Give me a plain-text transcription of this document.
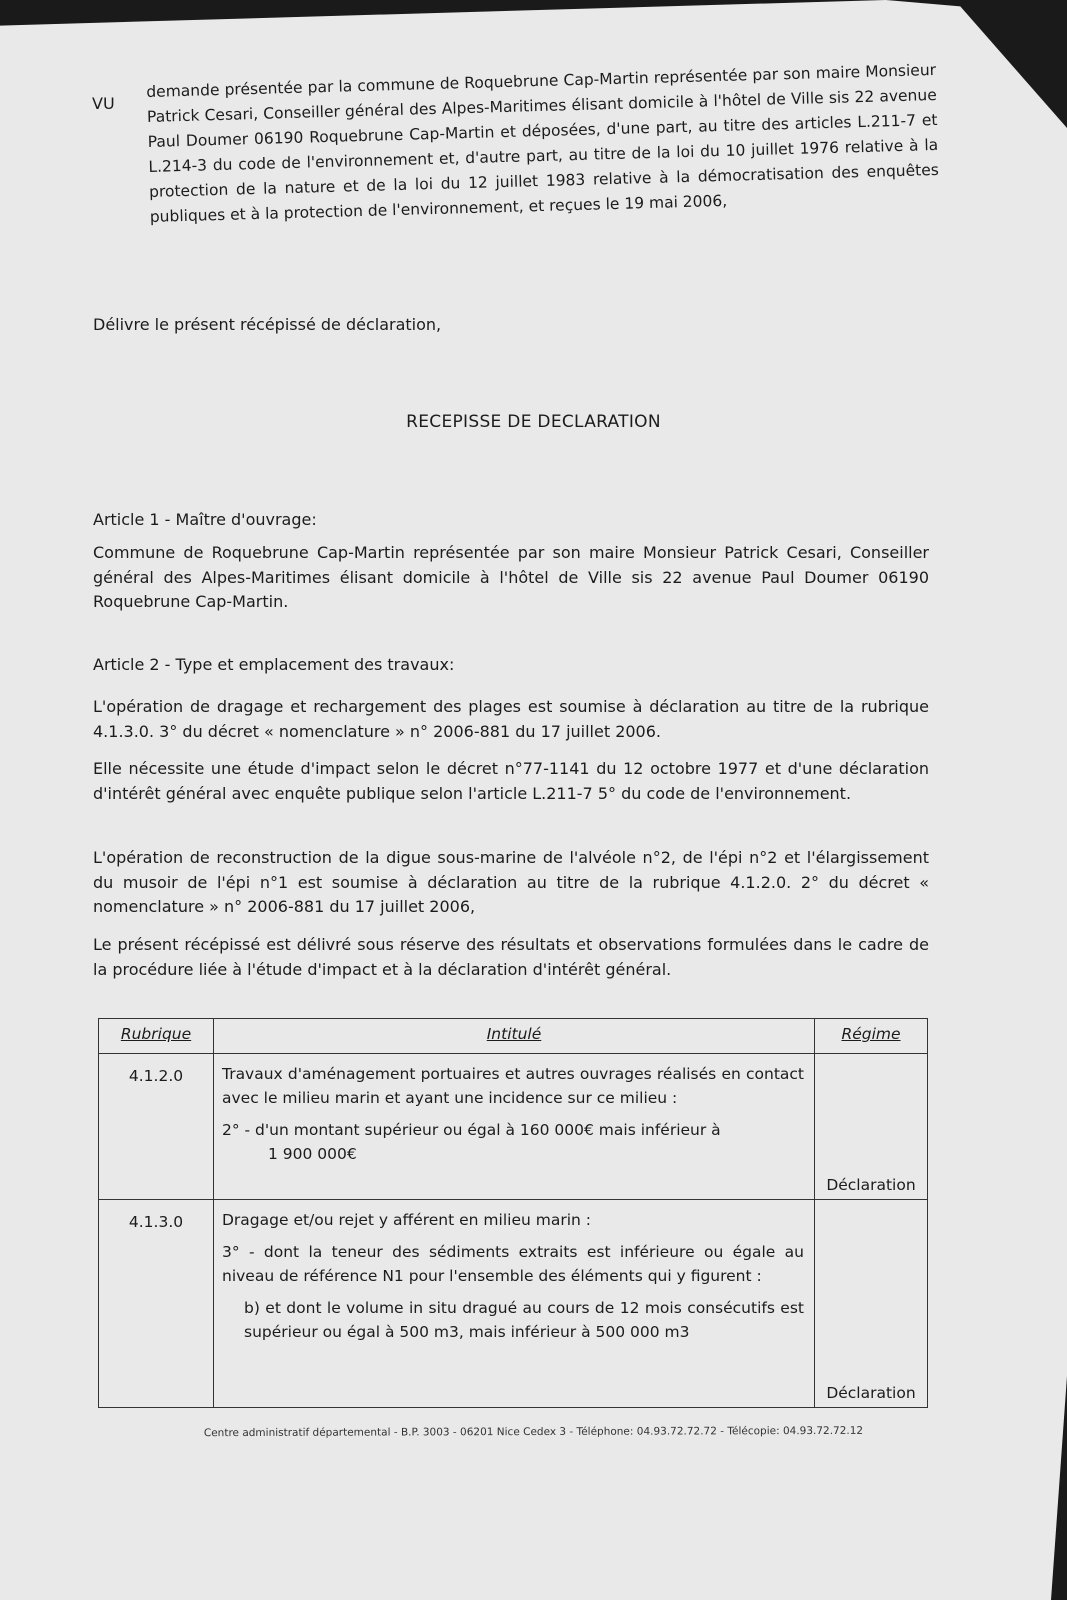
VU

demande présentée par la commune de Roquebrune Cap-Martin représentée par son maire Monsieur Patrick Cesari, Conseiller général des Alpes-Maritimes élisant domicile à l'hôtel de Ville sis 22 avenue Paul Doumer 06190 Roquebrune Cap-Martin et déposées, d'une part, au titre des articles L.211-7 et L.214-3 du code de l'environnement et, d'autre part, au titre de la loi du 10 juillet 1976 relative à la protection de la nature et de la loi du 12 juillet 1983 relative à la démocratisation des enquêtes publiques et à la protection de l'environnement, et reçues le 19 mai 2006,

Délivre le présent récépissé de déclaration,

RECEPISSE DE DECLARATION
Article 1 - Maître d'ouvrage:

Commune de Roquebrune Cap-Martin représentée par son maire Monsieur Patrick Cesari, Conseiller général des Alpes-Maritimes élisant domicile à l'hôtel de Ville sis 22 avenue Paul Doumer 06190 Roquebrune Cap-Martin.

Article 2 - Type et emplacement des travaux:

L'opération de dragage et rechargement des plages est soumise à déclaration au titre de la rubrique 4.1.3.0. 3° du décret « nomenclature » n° 2006-881 du 17 juillet 2006.

Elle nécessite une étude d'impact selon le décret n°77-1141 du 12 octobre 1977 et d'une déclaration d'intérêt général avec enquête publique selon l'article L.211-7 5° du code de l'environnement.

L'opération de reconstruction de la digue sous-marine de l'alvéole n°2, de l'épi n°2 et l'élargissement du musoir de l'épi n°1 est soumise à déclaration au titre de la rubrique 4.1.2.0. 2° du décret « nomenclature » n° 2006-881 du 17 juillet 2006,

Le présent récépissé est délivré sous réserve des résultats et observations formulées dans le cadre de la procédure liée à l'étude d'impact et à la déclaration d'intérêt général.

Rubrique	Intitulé	Régime
4.1.2.0	Travaux d'aménagement portuaires et autres ouvrages réalisés en contact avec le milieu marin et ayant une incidence sur ce milieu :
2° - d'un montant supérieur ou égal à 160 000€ mais inférieur à
1 900 000€	Déclaration

4.1.3.0	Dragage et/ou rejet y afférent en milieu marin :
3° - dont la teneur des sédiments extraits est inférieure ou égale au niveau de référence N1 pour l'ensemble des éléments qui y figurent :
b) et dont le volume in situ dragué au cours de 12 mois consécutifs est supérieur ou égal à 500 m3, mais inférieur à 500 000 m3	Déclaration
Centre administratif départemental - B.P. 3003 - 06201 Nice Cedex 3 - Téléphone: 04.93.72.72.72 - Télécopie: 04.93.72.72.12
